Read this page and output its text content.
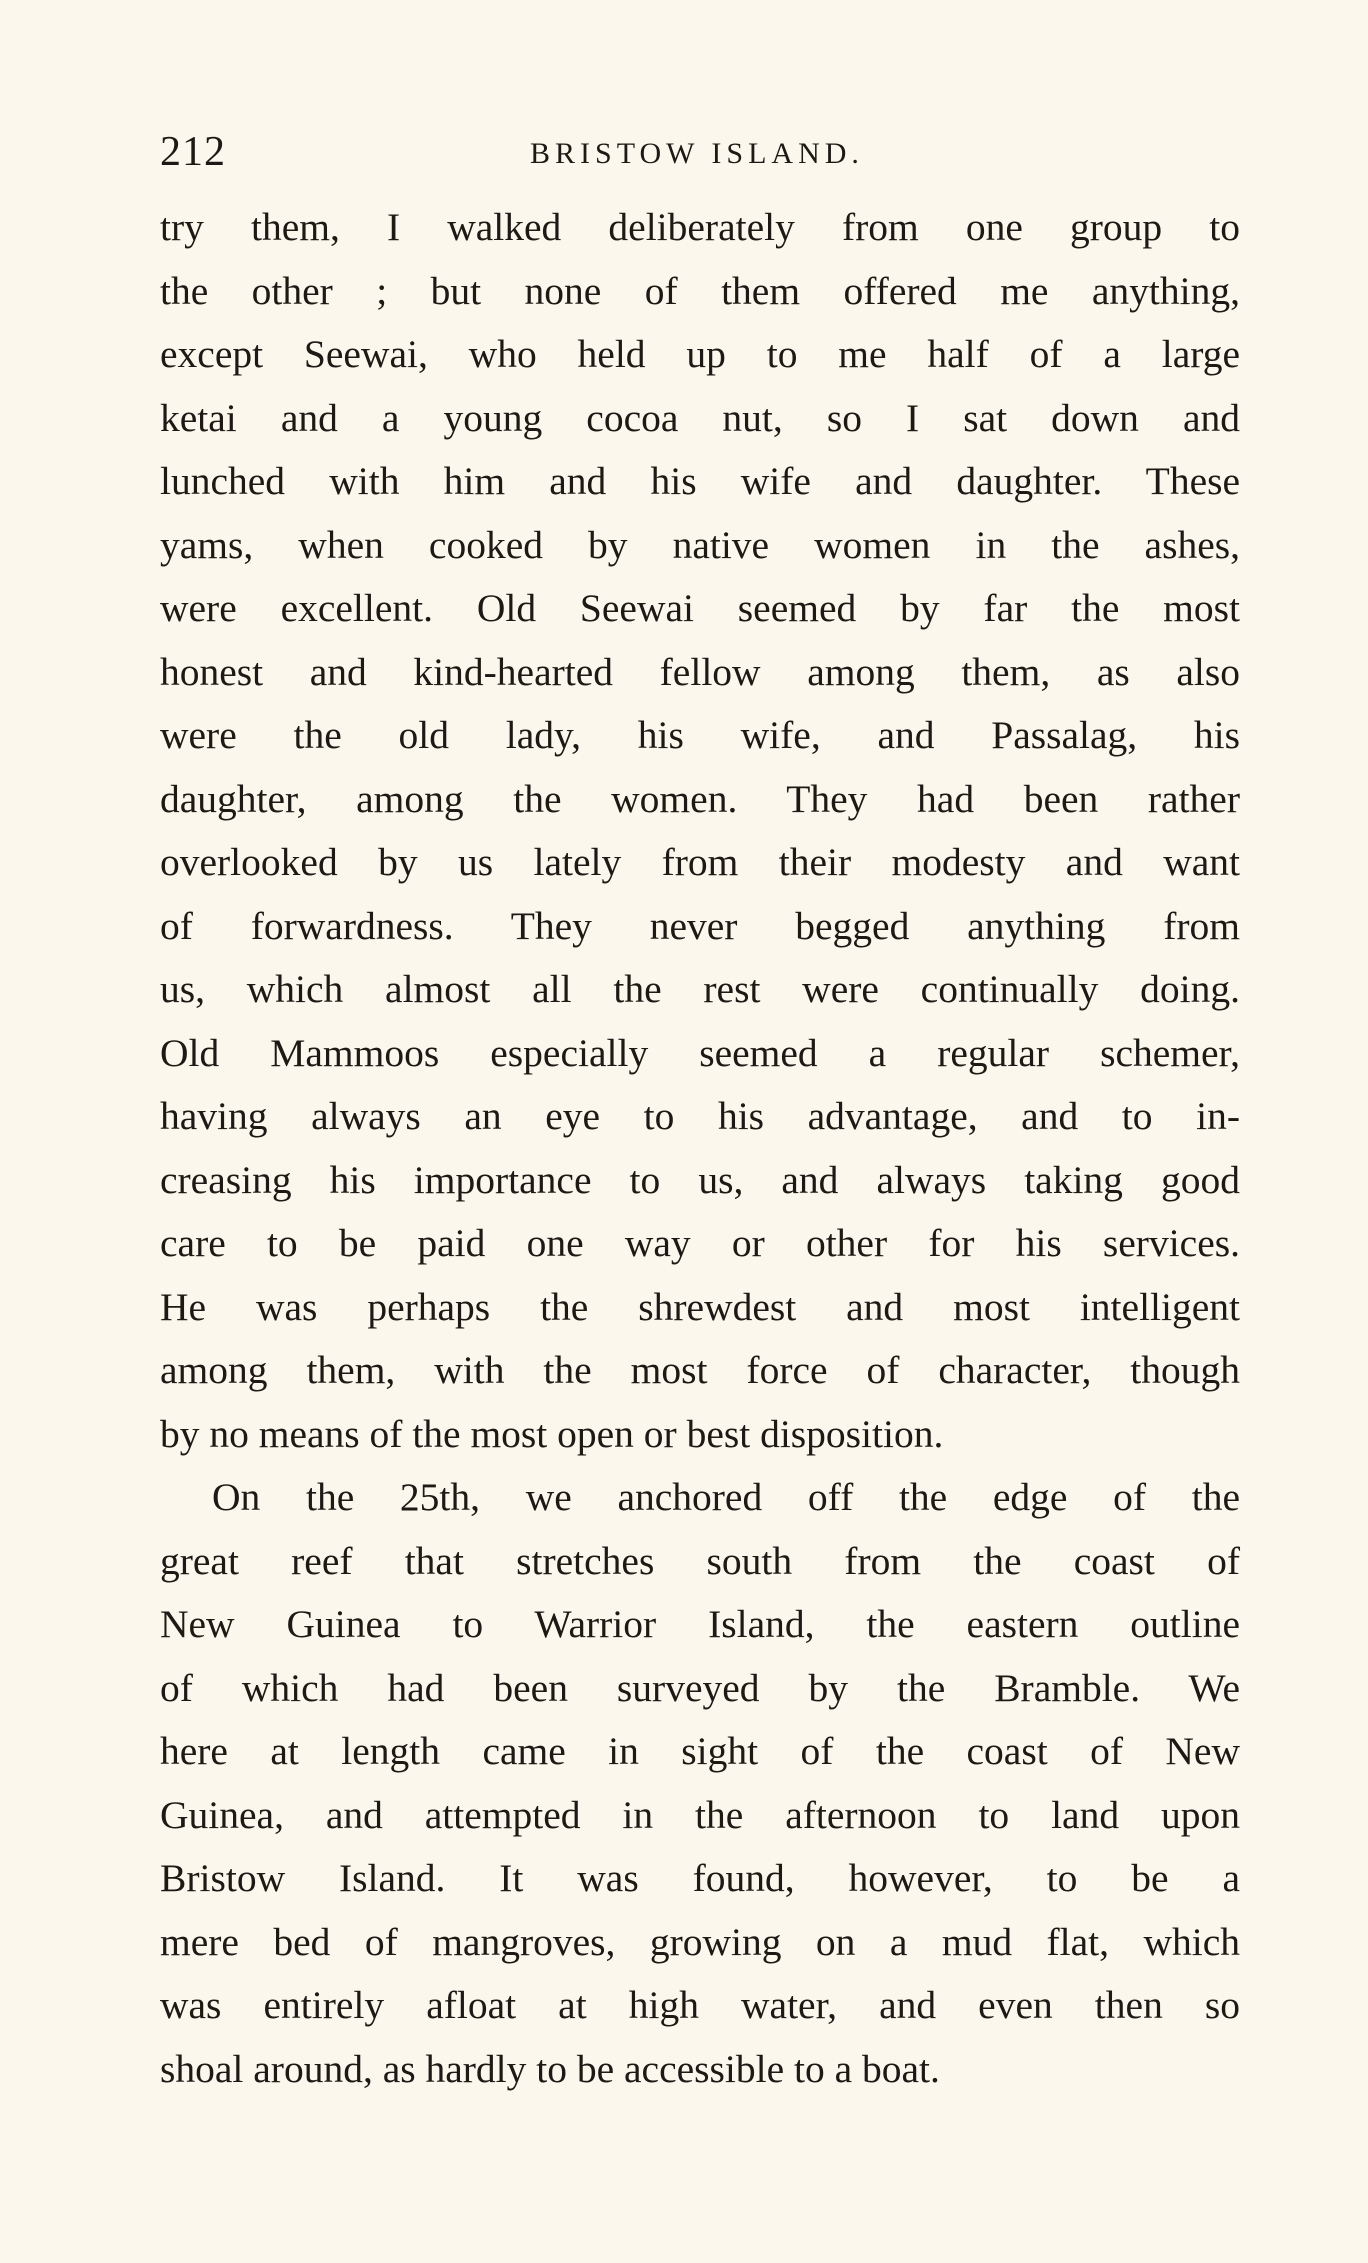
212	BRISTOW ISLAND.
try them, I walked deliberately from one group to
the other ; but none of them offered me anything,
except Seewai, who held up to me half of a large
ketai and a young cocoa nut, so I sat down and
lunched with him and his wife and daughter. These
yams, when cooked by native women in the ashes,
were excellent. Old Seewai seemed by far the most
honest and kind-hearted fellow among them, as also
were the old lady, his wife, and Passalag, his
daughter, among the women. They had been rather
overlooked by us lately from their modesty and want
of forwardness. They never begged anything from
us, which almost all the rest were continually doing.
Old Mammoos especially seemed a regular schemer,
having always an eye to his advantage, and to in-
creasing his importance to us, and always taking good
care to be paid one way or other for his services.
He was perhaps the shrewdest and most intelligent
among them, with the most force of character, though
by no means of the most open or best disposition.
On the 25th, we anchored off the edge of the
great reef that stretches south from the coast of
New Guinea to Warrior Island, the eastern outline
of which had been surveyed by the Bramble. We
here at length came in sight of the coast of New
Guinea, and attempted in the afternoon to land upon
Bristow Island. It was found, however, to be a
mere bed of mangroves, growing on a mud flat, which
was entirely afloat at high water, and even then so
shoal around, as hardly to be accessible to a boat.
